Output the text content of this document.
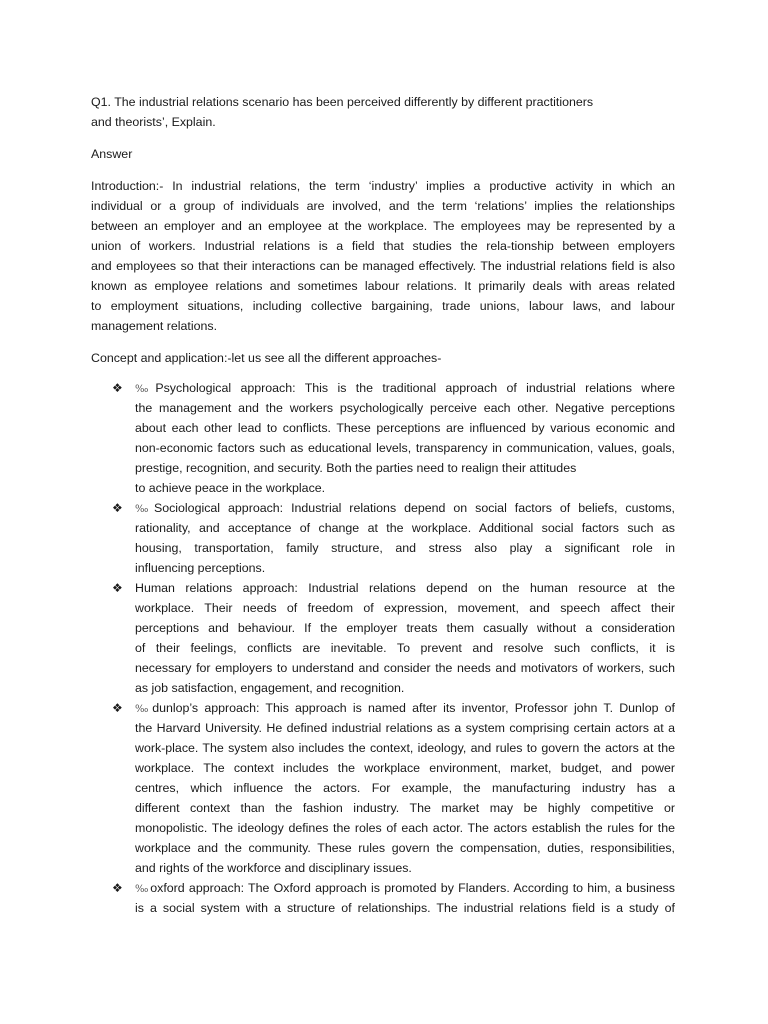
Q1. The industrial relations scenario has been perceived differently by different practitioners
and theorists’, Explain.
Answer
Introduction:- In industrial relations, the term ‘industry’ implies a productive activity in which an
individual or a group of individuals are involved, and the term ‘relations’ implies the relationships
between an employer and an employee at the workplace. The employees may be represented by a
union of workers. Industrial relations is a field that studies the rela-tionship between employers
and employees so that their interactions can be managed effectively. The industrial relations field is also
known as employee relations and sometimes labour relations. It primarily deals with areas related
to employment situations, including collective bargaining, trade unions, labour laws, and labour
management relations.
Concept and application:-let us see all the different approaches-
❖	‰Psychological approach: This is the traditional approach of industrial relations where
the management and the workers psychologically perceive each other. Negative perceptions
about each other lead to conflicts. These perceptions are influenced by various economic and
non-economic factors such as educational levels, transparency in communication, values, goals,
prestige, recognition, and security. Both the parties need to realign their attitudes
to achieve peace in the workplace.
❖	‰Sociological approach: Industrial relations depend on social factors of beliefs, customs,
rationality, and acceptance of change at the workplace. Additional social factors such as
housing, transportation, family structure, and stress also play a significant role in
influencing perceptions.
❖ Human relations approach: Industrial relations depend on the human resource at the
workplace. Their needs of freedom of expression, movement, and speech affect their
perceptions and behaviour. If the employer treats them casually without a consideration
of their feelings, conflicts are inevitable. To prevent and resolve such conflicts, it is
necessary for employers to understand and consider the needs and motivators of workers, such
as job satisfaction, engagement, and recognition.
❖	‰dunlop’s approach: This approach is named after its inventor, Professor john T. Dunlop of
the Harvard University. He defined industrial relations as a system comprising certain actors at a
work-place. The system also includes the context, ideology, and rules to govern the actors at the
workplace. The context includes the workplace environment, market, budget, and power
centres, which influence the actors. For example, the manufacturing industry has a
different context than the fashion industry. The market may be highly competitive or
monopolistic. The ideology defines the roles of each actor. The actors establish the rules for the
workplace and the community. These rules govern the compensation, duties, responsibilities,
and rights of the workforce and disciplinary issues.
❖	‰oxford approach: The Oxford approach is promoted by Flanders. According to him, a business
is a social system with a structure of relationships. The industrial relations field is a study of
